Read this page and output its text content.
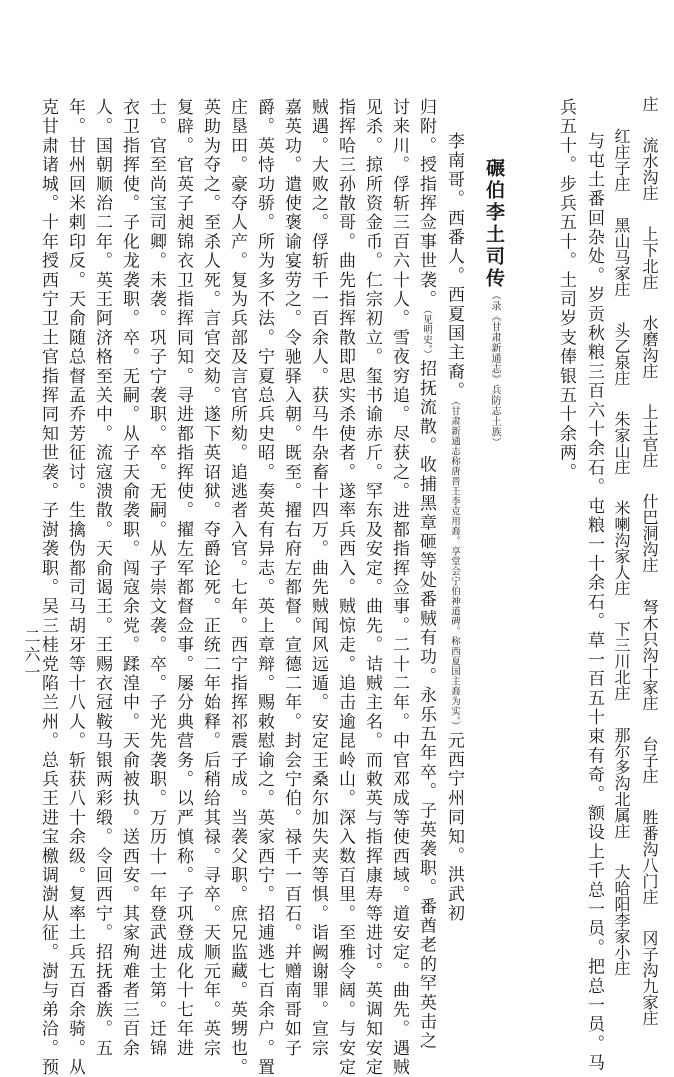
庄 流水沟庄 上下北庄 水磨沟庄 上土官庄 什巴洞沟庄 弩木只沟十家庄 台子庄 胜番沟八门庄 冈子沟九家庄
红庄子庄 黑山马家庄 头乙泉庄 朱家山庄 米喇沟家人庄 下三川北庄 那尔多沟北属庄 大哈阳李家小庄
与屯土番回杂处。岁贡秋粮三百六十余石。屯粮一十余石。草一百五十束有奇。额设上千总一员。把总一员。马
兵五十。步兵五十。土司岁支俸银五十余两。
碾伯李土司传（录《甘肃新通志》兵防志土族）
李南哥。西番人。西夏国主裔。（甘肃新通志称唐晋王李克用裔。享堂会宁伯神道碑。称西夏国主裔为实。）元西宁州同知。洪武初
归附。授指挥佥事世袭。（见明史。）招抚流散。收捕黑章砸等处番贼有功。永乐五年卒。子英袭职。番酋老的罕英击之
讨来川。俘斩三百六十人。雪夜穷追。尽获之。进都指挥佥事。二十二年。中官邓成等使西域。道安定。曲先。遇贼
见杀。掠所资金币。仁宗初立。玺书谕赤斤。罕东及安定。曲先。诘贼主名。而敕英与指挥康寿等进讨。英调知安定
指挥哈三孙散哥。曲先指挥散即思实杀使者。遂率兵西入。贼惊走。追击逾昆岭山。深入数百里。至雅令阔。与安定
贼遇。大败之。俘斩千一百余人。获马牛杂畜十四万。曲先贼闻风远遁。安定王桑尔加失夹等惧。诣阙谢罪。宣宗
嘉英功。遣使褒谕宴劳之。令驰驿入朝。既至。擢右府左都督。宣德二年。封会宁伯。禄千一百石。并赠南哥如子
爵。英恃功骄。所为多不法。宁夏总兵史昭。奏英有异志。英上章辩。赐敕慰谕之。英家西宁。招逋逃七百余户。置
庄垦田。豪夺人产。复为兵部及言官所劾。追逃者入官。七年。西宁指挥祁震子成。当袭父职。庶兄监藏。英甥也。
英助为夺之。至杀人死。言官交劾。遂下英诏狱。夺爵论死。正统二年始释。后稍给其禄。寻卒。天顺元年。英宗
复辟。官英子昶锦衣卫指挥同知。寻进都指挥使。擢左军都督佥事。屡分典营务。以严慎称。子巩登成化十七年进
士。官至尚宝司卿。未袭。巩子宁袭职。卒。无嗣。从子崇文袭。卒。子光先袭职。万历十一年登武进士第。迁锦
衣卫指挥使。子化龙袭职。卒。无嗣。从子天俞袭职。闯寇余党。蹂湟中。天俞被执。送西安。其家殉难者三百余
人。国朝顺治二年。英王阿济格至关中。流寇溃散。天俞谒王。王赐衣冠鞍马银两彩缎。令回西宁。招抚番族。五
年。甘州回米剌印反。天俞随总督孟乔芳征讨。生擒伪都司马胡牙等十八人。斩获八十余级。复率土兵五百余骑。从
克甘肃诸城。十年授西宁卫土官指挥同知世袭。子澍袭职。吴三桂党陷兰州。总兵王进宝檄调澍从征。澍与弟洽。预
二六一
